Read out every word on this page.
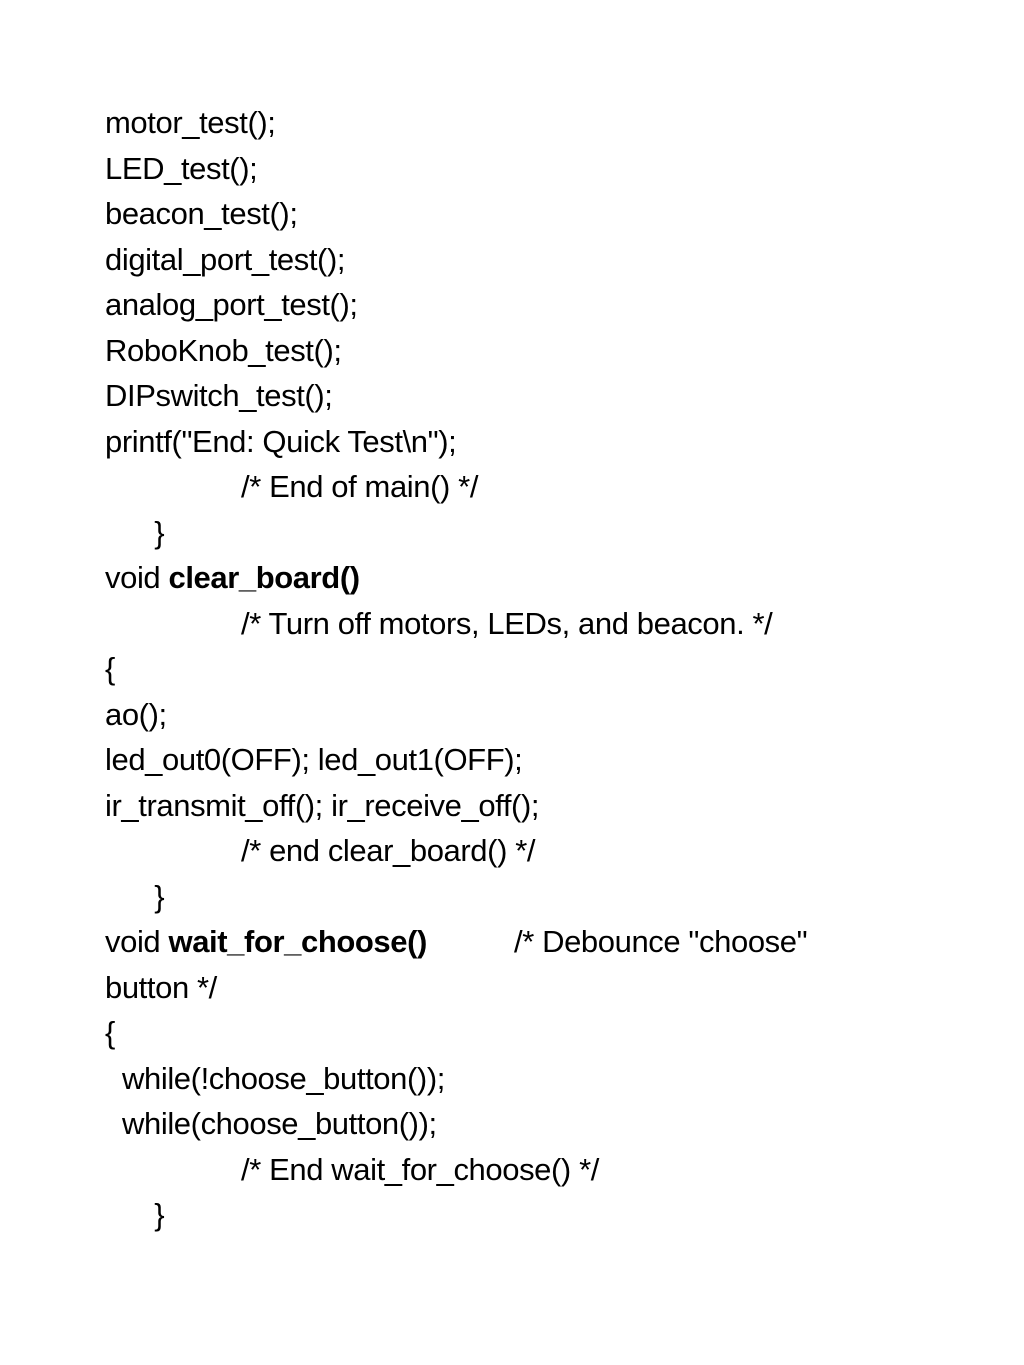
motor_test();
LED_test();
beacon_test();
digital_port_test();
analog_port_test();
RoboKnob_test();
DIPswitch_test();
printf("End: Quick Test\n");

}
/* End of main() */

void clear_board()

/* Turn off motors, LEDs, and beacon. */

{
ao();
led_out0(OFF); led_out1(OFF);
ir_transmit_off(); ir_receive_off();

}
/* end clear_board() */

void wait_for_choose()	/* Debounce "choose"
button */
{
while(!choose_button());
while(choose_button());

}
/* End wait_for_choose() */
